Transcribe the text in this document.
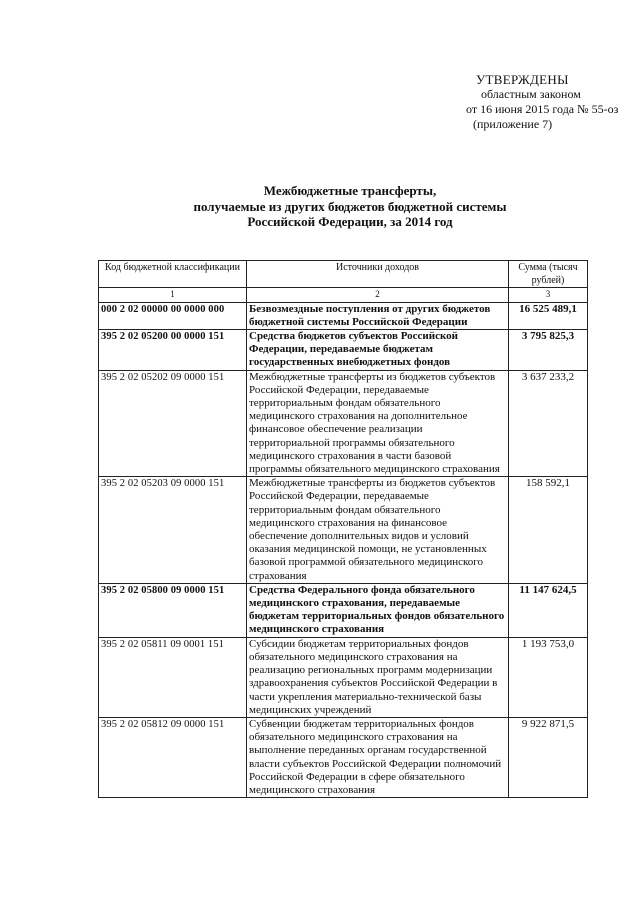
УТВЕРЖДЕНЫ
областным законом
от 16 июня 2015 года № 55-оз
(приложение 7)
Межбюджетные трансферты,
получаемые из других бюджетов бюджетной системы
Российской Федерации, за 2014 год
Код бюджетной классификации	Источники доходов	Сумма (тысяч рублей)
1	2	3
000 2 02 00000 00 0000 000	Безвозмездные поступления от других бюджетов бюджетной системы Российской Федерации	16 525 489,1
395 2 02 05200 00 0000 151	Средства бюджетов субъектов Российской Федерации, передаваемые бюджетам государственных внебюджетных фондов	3 795 825,3
395 2 02 05202 09 0000 151	Межбюджетные трансферты из бюджетов субъектов Российской Федерации, передаваемые территориальным фондам обязательного медицинского страхования на дополнительное финансовое обеспечение реализации территориальной программы обязательного медицинского страхования в части базовой программы обязательного медицинского страхования	3 637 233,2
395 2 02 05203 09 0000 151	Межбюджетные трансферты из бюджетов субъектов Российской Федерации, передаваемые территориальным фондам обязательного медицинского страхования на финансовое обеспечение дополнительных видов и условий оказания медицинской помощи, не установленных базовой программой обязательного медицинского страхования	158 592,1
395 2 02 05800 09 0000 151	Средства Федерального фонда обязательного медицинского страхования, передаваемые бюджетам территориальных фондов обязательного медицинского страхования	11 147 624,5
395 2 02 05811 09 0001 151	Субсидии бюджетам территориальных фондов обязательного медицинского страхования на реализацию региональных программ модернизации здравоохранения субъектов Российской Федерации в части укрепления материально-технической базы медицинских учреждений	1 193 753,0
395 2 02 05812 09 0000 151	Субвенции бюджетам территориальных фондов обязательного медицинского страхования на выполнение переданных органам государственной власти субъектов Российской Федерации полномочий Российской Федерации в сфере обязательного медицинского страхования	9 922 871,5
